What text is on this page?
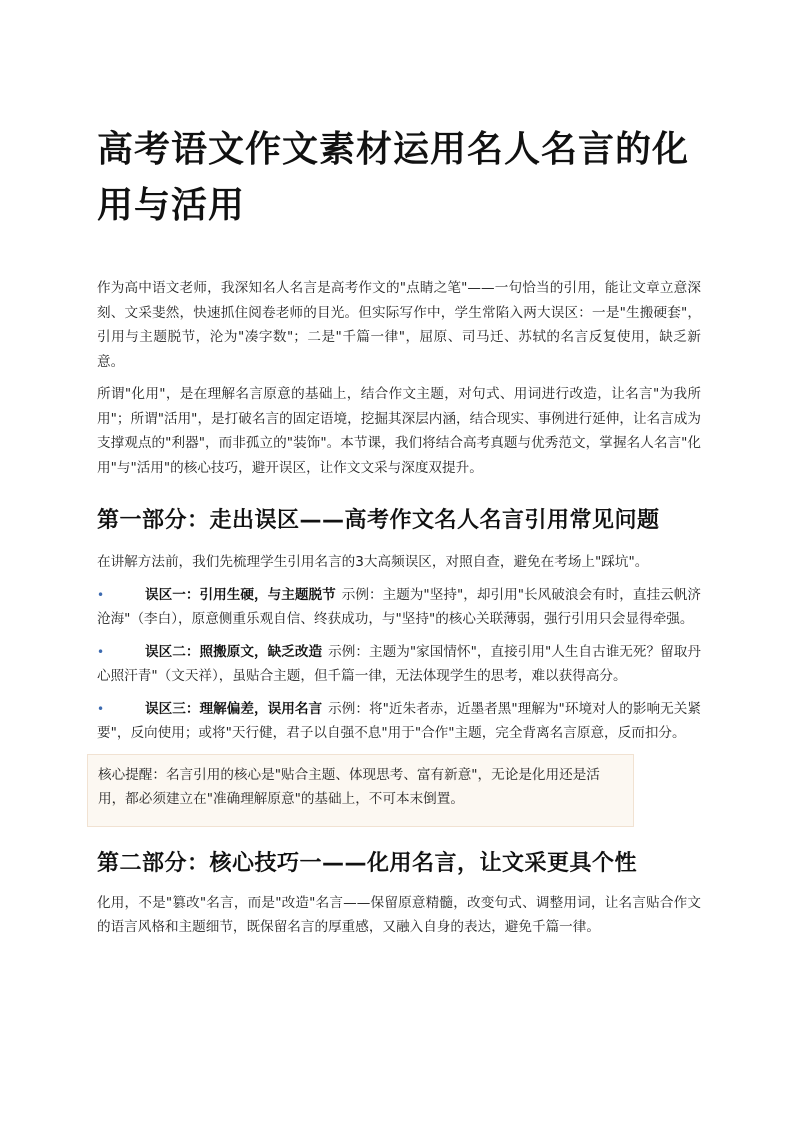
高考语文作文素材运用名人名言的化用与活用

作为高中语文老师，我深知名人名言是高考作文的"点睛之笔"——一句恰当的引用，能让文章立意深刻、文采斐然，快速抓住阅卷老师的目光。但实际写作中，学生常陷入两大误区：一是"生搬硬套"，引用与主题脱节，沦为"凑字数"；二是"千篇一律"，屈原、司马迁、苏轼的名言反复使用，缺乏新意。

所谓"化用"，是在理解名言原意的基础上，结合作文主题，对句式、用词进行改造，让名言"为我所用"；所谓"活用"，是打破名言的固定语境，挖掘其深层内涵，结合现实、事例进行延伸，让名言成为支撑观点的"利器"，而非孤立的"装饰"。本节课，我们将结合高考真题与优秀范文，掌握名人名言"化用"与"活用"的核心技巧，避开误区，让作文文采与深度双提升。

第一部分：走出误区——高考作文名人名言引用常见问题

在讲解方法前，我们先梳理学生引用名言的3大高频误区，对照自查，避免在考场上"踩坑"。

•	误区一：引用生硬，与主题脱节 示例：主题为"坚持"，却引用"长风破浪会有时，直挂云帆济沧海"（李白），原意侧重乐观自信、终获成功，与"坚持"的核心关联薄弱，强行引用只会显得牵强。
•	误区二：照搬原文，缺乏改造 示例：主题为"家国情怀"，直接引用"人生自古谁无死？留取丹心照汗青"（文天祥），虽贴合主题，但千篇一律，无法体现学生的思考，难以获得高分。
•	误区三：理解偏差，误用名言 示例：将"近朱者赤，近墨者黑"理解为"环境对人的影响无关紧要"，反向使用；或将"天行健，君子以自强不息"用于"合作"主题，完全背离名言原意，反而扣分。
核心提醒：名言引用的核心是"贴合主题、体现思考、富有新意"，无论是化用还是活用，都必须建立在"准确理解原意"的基础上，不可本末倒置。
第二部分：核心技巧一——化用名言，让文采更具个性

化用，不是"篡改"名言，而是"改造"名言——保留原意精髓，改变句式、调整用词，让名言贴合作文的语言风格和主题细节，既保留名言的厚重感，又融入自身的表达，避免千篇一律。
